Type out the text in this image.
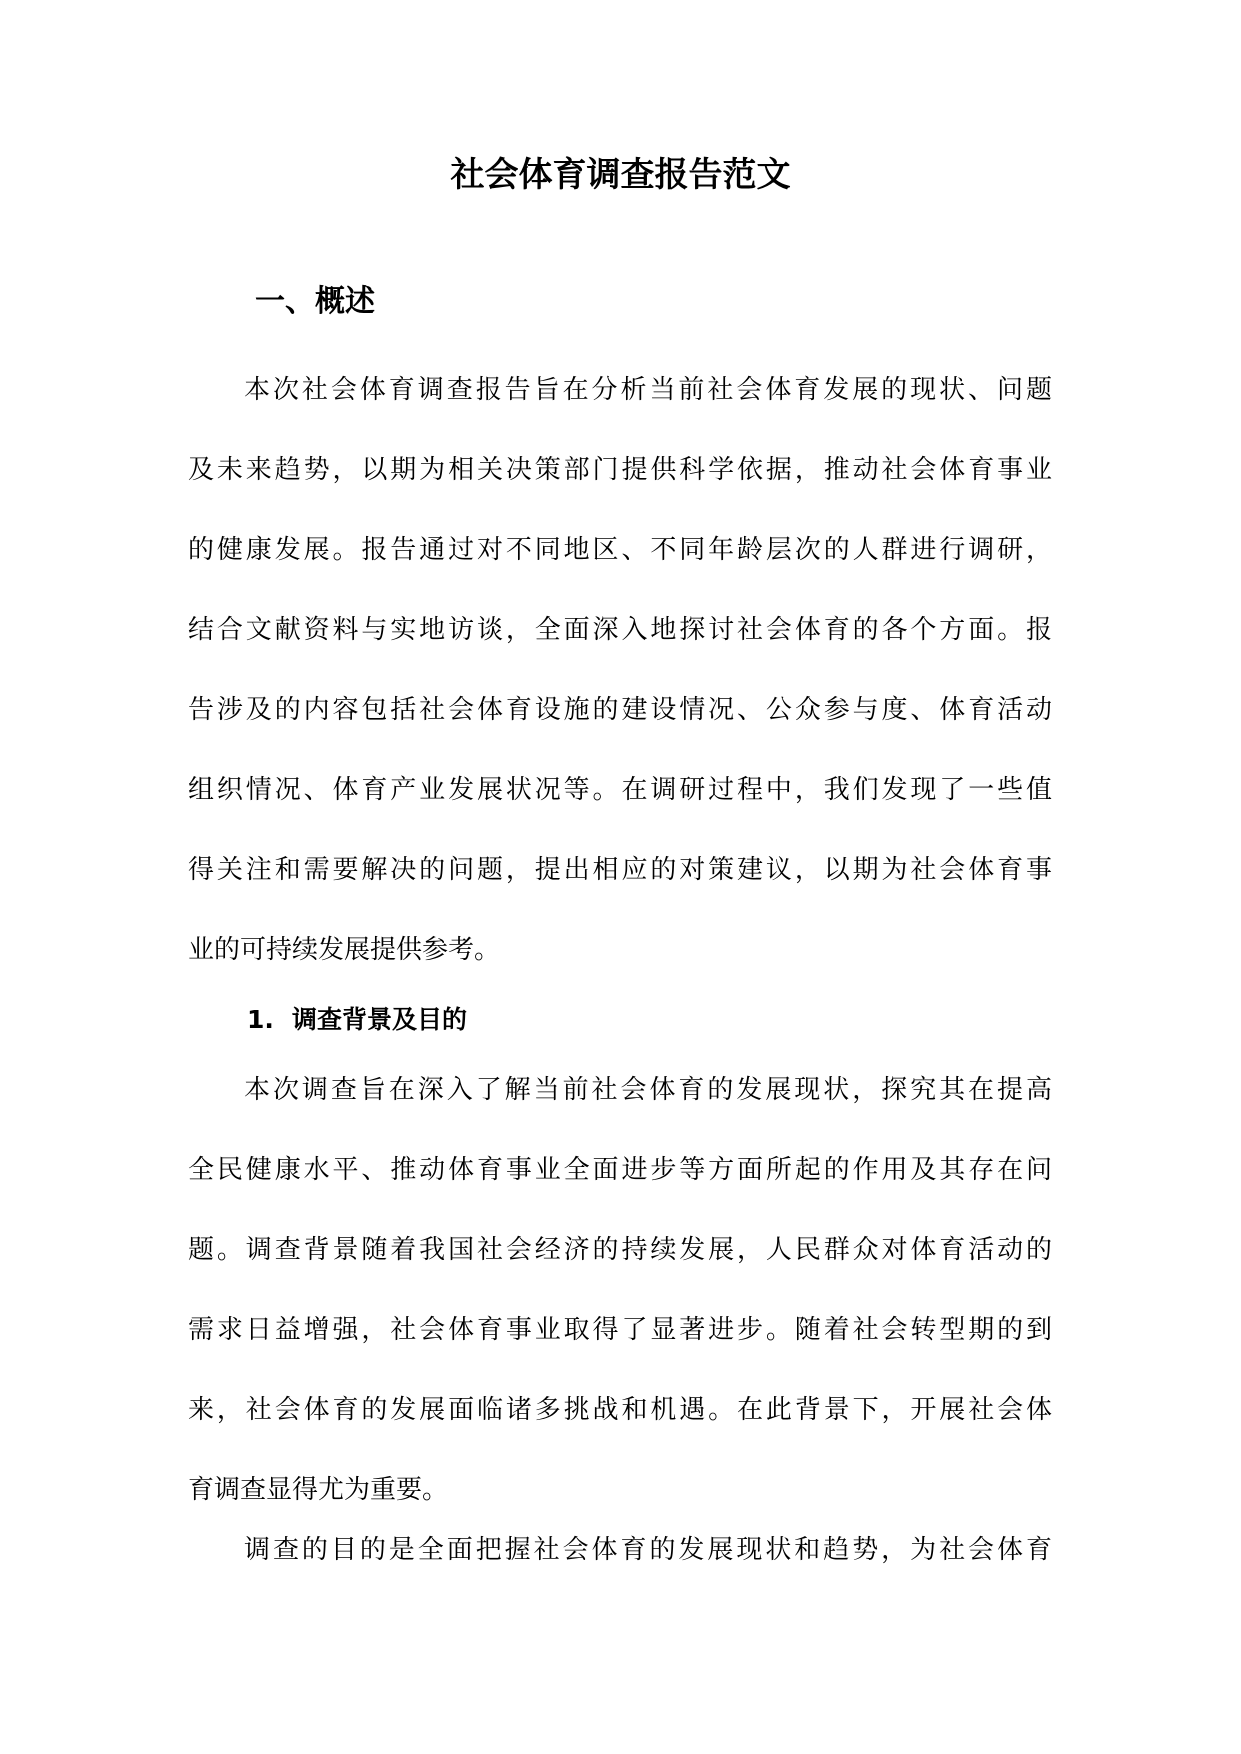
社会体育调查报告范文
一、概述
本次社会体育调查报告旨在分析当前社会体育发展的现状、问题
及未来趋势，以期为相关决策部门提供科学依据，推动社会体育事业
的健康发展。报告通过对不同地区、不同年龄层次的人群进行调研，
结合文献资料与实地访谈，全面深入地探讨社会体育的各个方面。报
告涉及的内容包括社会体育设施的建设情况、公众参与度、体育活动
组织情况、体育产业发展状况等。在调研过程中，我们发现了一些值
得关注和需要解决的问题，提出相应的对策建议，以期为社会体育事
业的可持续发展提供参考。
1. 调查背景及目的
本次调查旨在深入了解当前社会体育的发展现状，探究其在提高
全民健康水平、推动体育事业全面进步等方面所起的作用及其存在问
题。调查背景随着我国社会经济的持续发展，人民群众对体育活动的
需求日益增强，社会体育事业取得了显著进步。随着社会转型期的到
来，社会体育的发展面临诸多挑战和机遇。在此背景下，开展社会体
育调查显得尤为重要。
调查的目的是全面把握社会体育的发展现状和趋势，为社会体育
